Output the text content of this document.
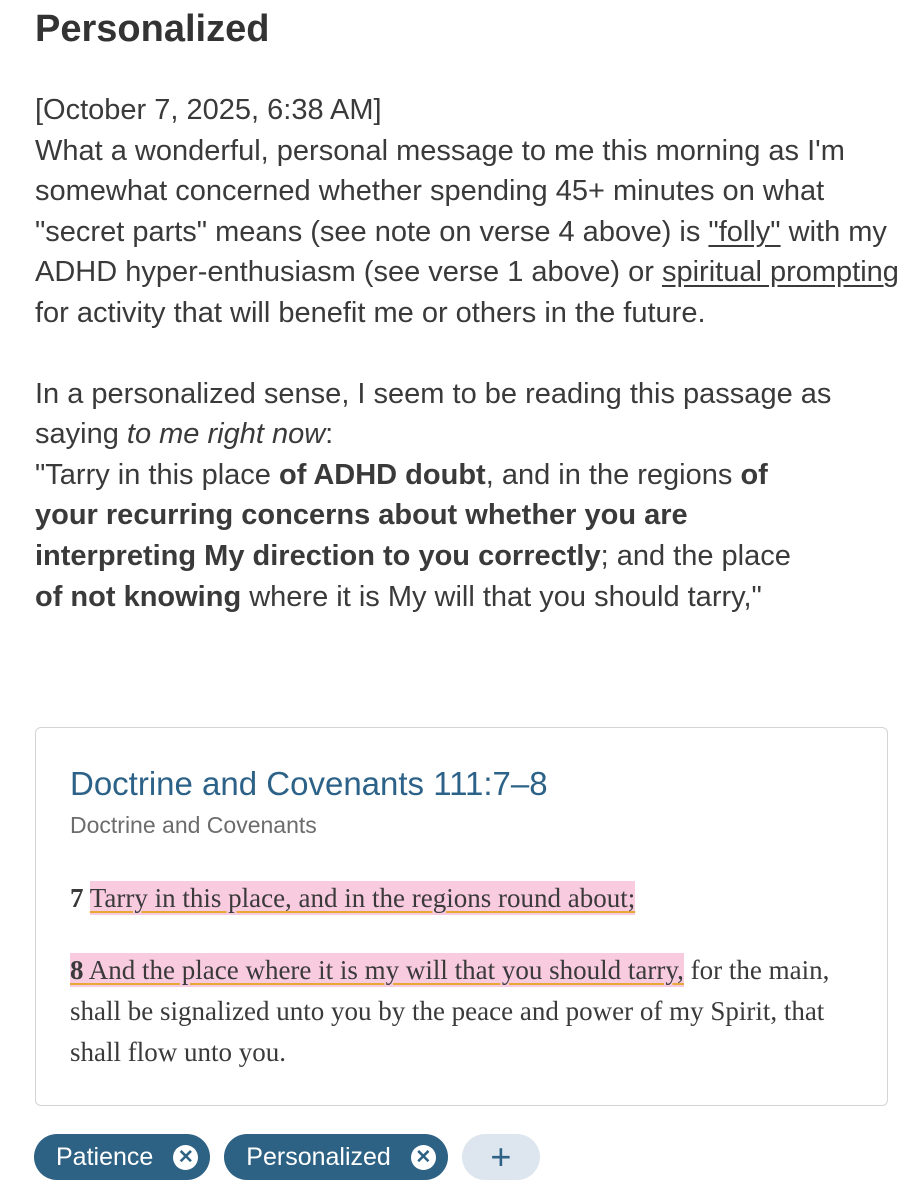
Personalized

[October 7, 2025, 6:38 AM]

What a wonderful, personal message to me this morning as I'm somewhat concerned whether spending 45+ minutes on what "secret parts" means (see note on verse 4 above) is "folly" with my ADHD hyper-enthusiasm (see verse 1 above) or spiritual prompting for activity that will benefit me or others in the future.

In a personalized sense, I seem to be reading this passage as saying to me right now:

"Tarry in this place of ADHD doubt, and in the regions of your recurring concerns about whether you are interpreting My direction to you correctly; and the place of not knowing where it is My will that you should tarry,"

Doctrine and Covenants 111:7–8
Doctrine and Covenants

7 Tarry in this place, and in the regions round about;

8 And the place where it is my will that you should tarry, for the main, shall be signalized unto you by the peace and power of my Spirit, that shall flow unto you.

Patience ✕ Personalized ✕	+
